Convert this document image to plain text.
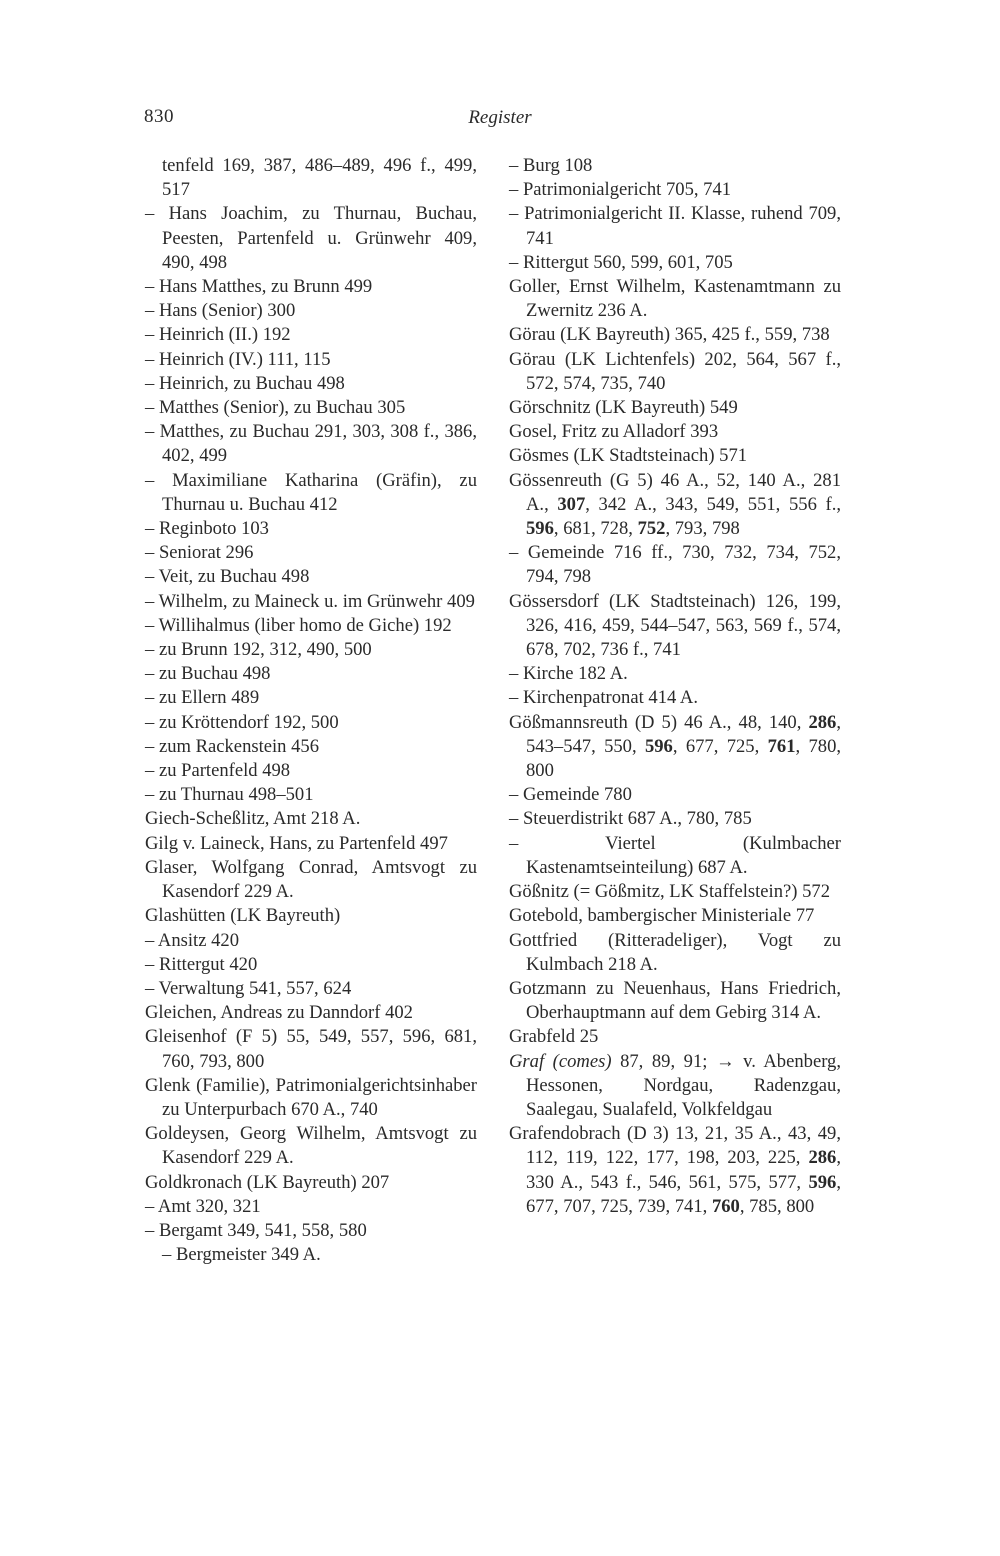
830	Register
tenfeld 169, 387, 486–489, 496 f., 499, 517
– Hans Joachim, zu Thurnau, Buchau, Peesten, Partenfeld u. Grünwehr 409, 490, 498
– Hans Matthes, zu Brunn 499
– Hans (Senior) 300
– Heinrich (II.) 192
– Heinrich (IV.) 111, 115
– Heinrich, zu Buchau 498
– Matthes (Senior), zu Buchau 305
– Matthes, zu Buchau 291, 303, 308 f., 386, 402, 499
– Maximiliane Katharina (Gräfin), zu Thurnau u. Buchau 412
– Reginboto 103
– Seniorat 296
– Veit, zu Buchau 498
– Wilhelm, zu Maineck u. im Grünwehr 409
– Willihalmus (liber homo de Giche) 192
– zu Brunn 192, 312, 490, 500
– zu Buchau 498
– zu Ellern 489
– zu Kröttendorf 192, 500
– zum Rackenstein 456
– zu Partenfeld 498
– zu Thurnau 498–501
Giech-Scheßlitz, Amt 218 A.
Gilg v. Laineck, Hans, zu Partenfeld 497
Glaser, Wolfgang Conrad, Amtsvogt zu Kasendorf 229 A.
Glashütten (LK Bayreuth)
– Ansitz 420
– Rittergut 420
– Verwaltung 541, 557, 624
Gleichen, Andreas zu Danndorf 402
Gleisenhof (F 5) 55, 549, 557, 596, 681, 760, 793, 800
Glenk (Familie), Patrimonialgerichtsinhaber zu Unterpurbach 670 A., 740
Goldeysen, Georg Wilhelm, Amtsvogt zu Kasendorf 229 A.
Goldkronach (LK Bayreuth) 207
– Amt 320, 321
– Bergamt 349, 541, 558, 580
– Bergmeister 349 A.
– Burg 108
– Patrimonialgericht 705, 741
– Patrimonialgericht II. Klasse, ruhend 709, 741
– Rittergut 560, 599, 601, 705
Goller, Ernst Wilhelm, Kastenamtmann zu Zwernitz 236 A.
Görau (LK Bayreuth) 365, 425 f., 559, 738
Görau (LK Lichtenfels) 202, 564, 567 f., 572, 574, 735, 740
Görschnitz (LK Bayreuth) 549
Gosel, Fritz zu Alladorf 393
Gösmes (LK Stadtsteinach) 571
Gössenreuth (G 5) 46 A., 52, 140 A., 281 A., 307, 342 A., 343, 549, 551, 556 f., 596, 681, 728, 752, 793, 798
– Gemeinde 716 ff., 730, 732, 734, 752, 794, 798
Gössersdorf (LK Stadtsteinach) 126, 199, 326, 416, 459, 544–547, 563, 569 f., 574, 678, 702, 736 f., 741
– Kirche 182 A.
– Kirchenpatronat 414 A.
Gößmannsreuth (D 5) 46 A., 48, 140, 286, 543–547, 550, 596, 677, 725, 761, 780, 800
– Gemeinde 780
– Steuerdistrikt 687 A., 780, 785
– Viertel (Kulmbacher Kastenamtseinteilung) 687 A.
Gößnitz (= Gößmitz, LK Staffelstein?) 572
Gotebold, bambergischer Ministeriale 77
Gottfried (Ritteradeliger), Vogt zu Kulmbach 218 A.
Gotzmann zu Neuenhaus, Hans Friedrich, Oberhauptmann auf dem Gebirg 314 A.
Grabfeld 25
Graf (comes) 87, 89, 91; → v. Abenberg, Hessonen, Nordgau, Radenzgau, Saalegau, Sualafeld, Volkfeldgau
Grafendobrach (D 3) 13, 21, 35 A., 43, 49, 112, 119, 122, 177, 198, 203, 225, 286, 330 A., 543 f., 546, 561, 575, 577, 596, 677, 707, 725, 739, 741, 760, 785, 800
